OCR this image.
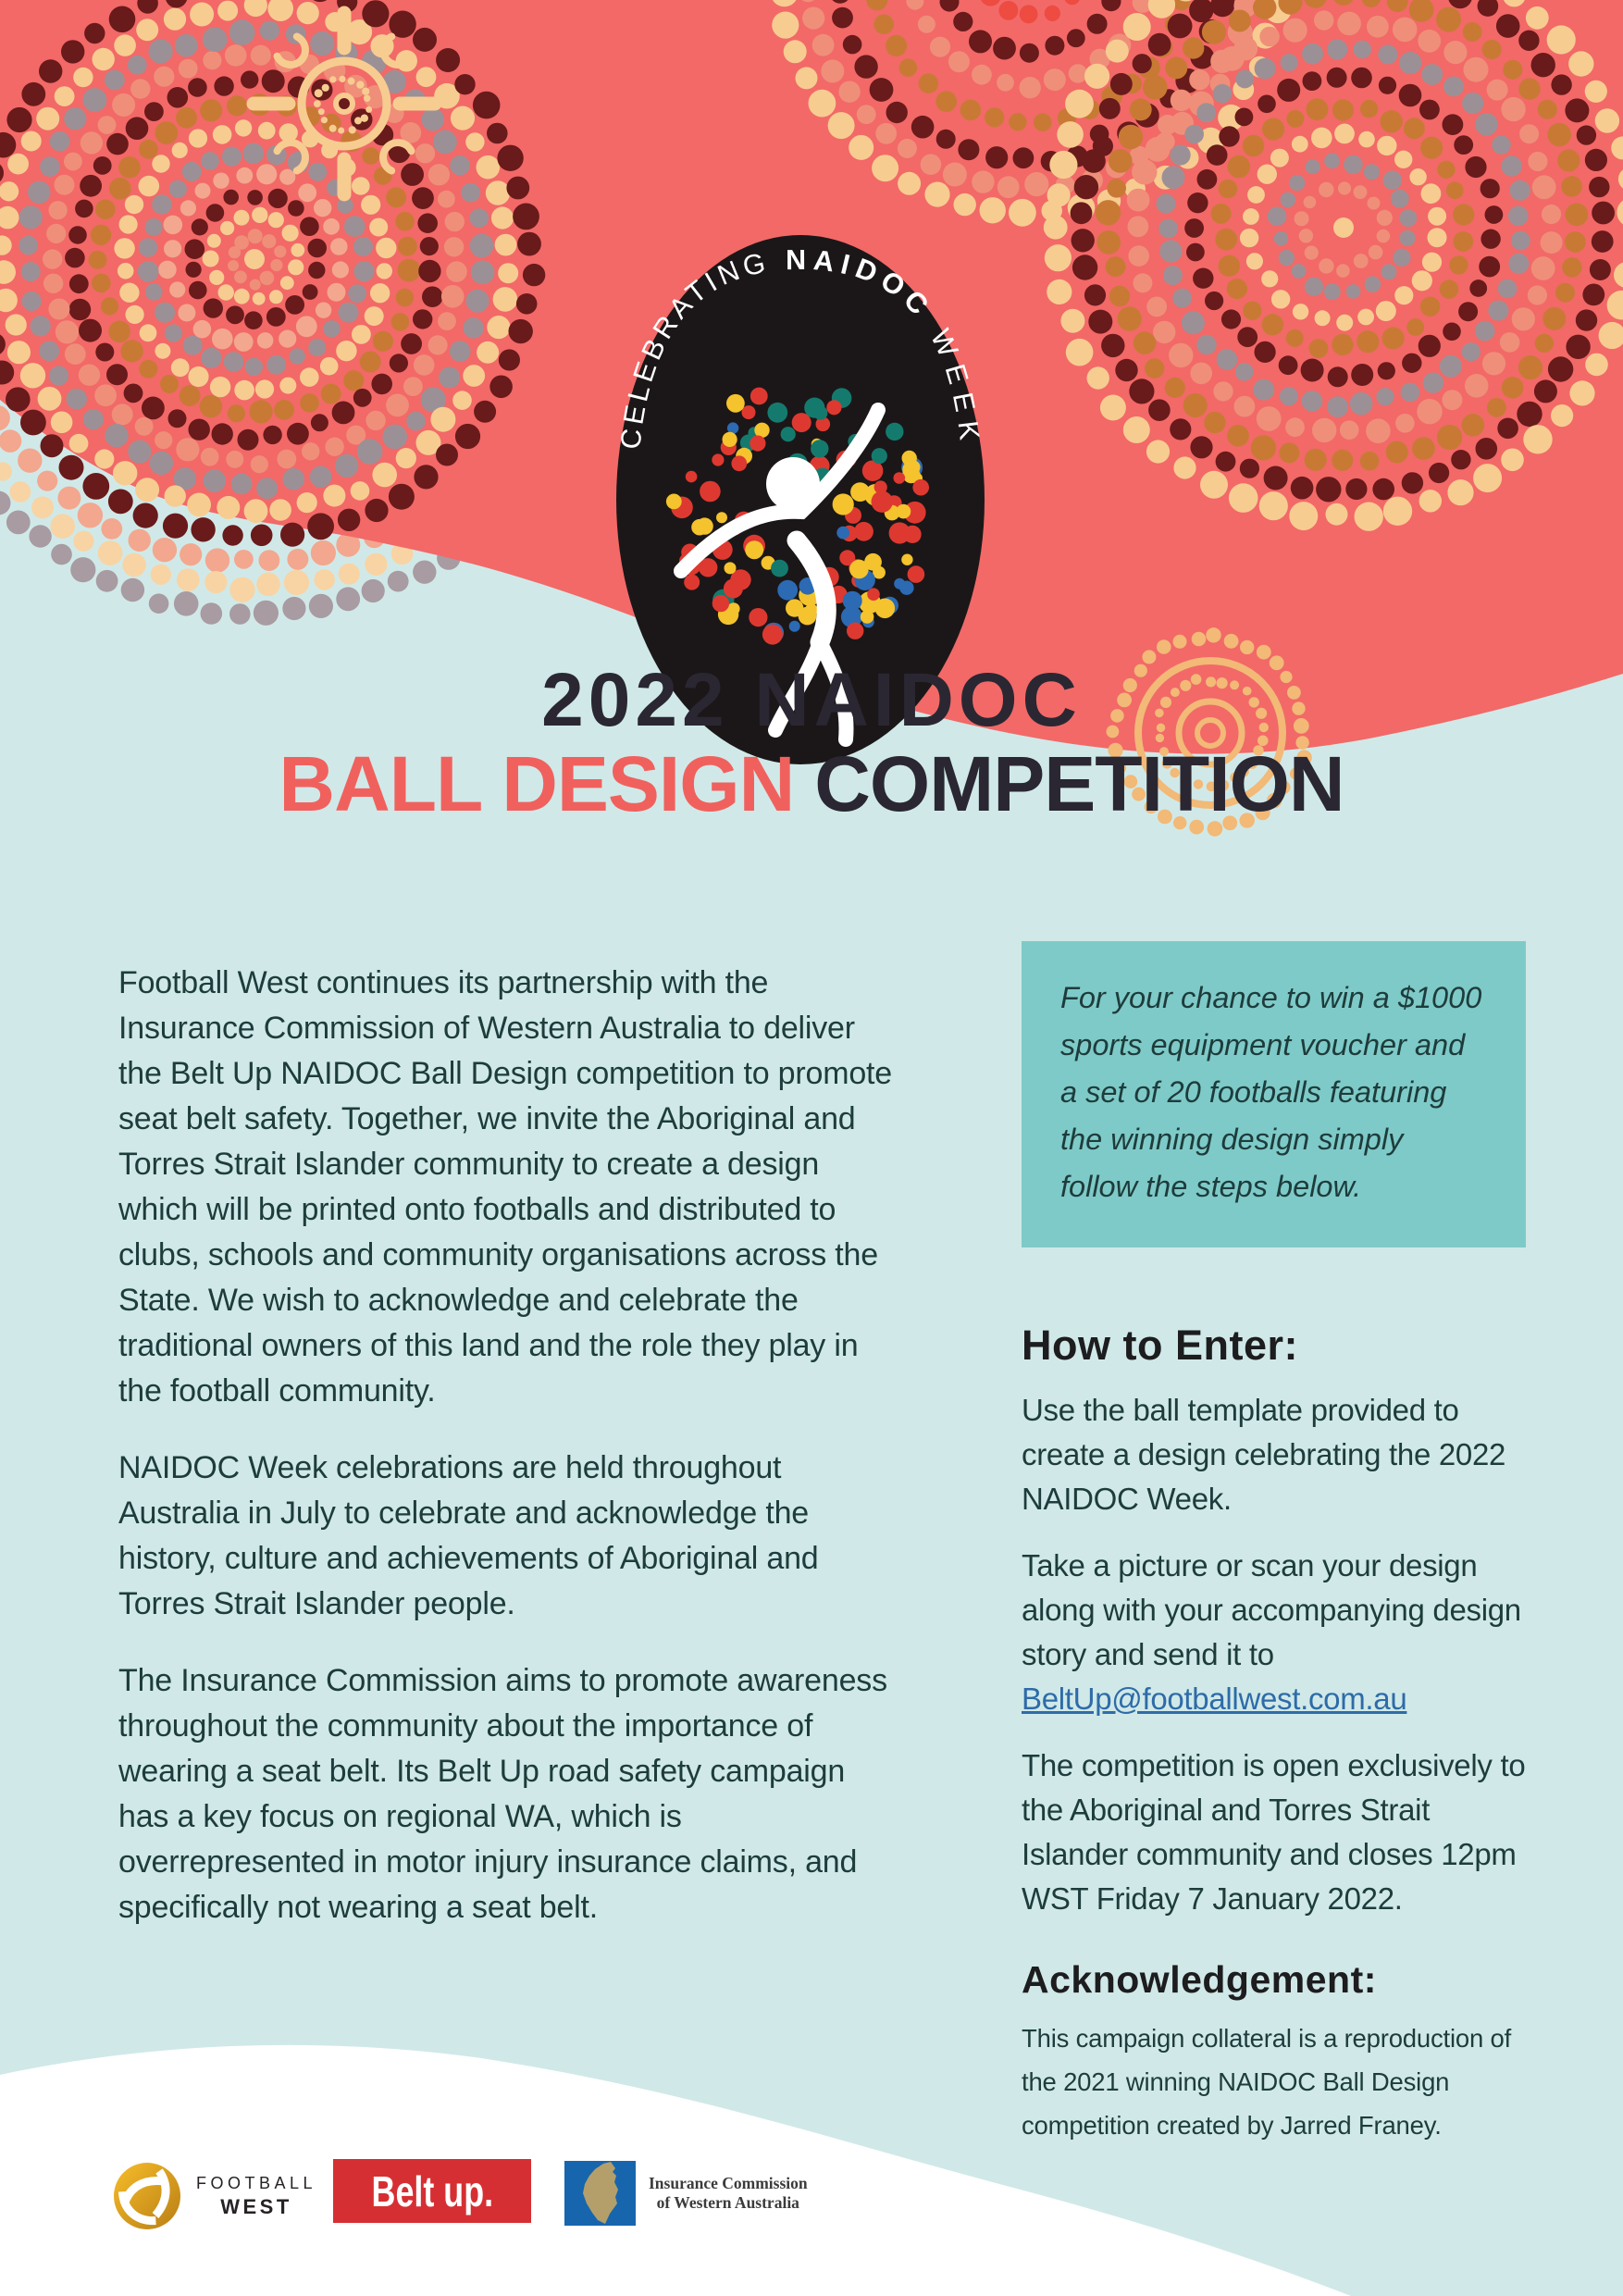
CELEBRATING NAIDOC WEEK
2022 NAIDOC
BALL DESIGN COMPETITION

Football West continues its partnership with the Insurance Commission of Western Australia to deliver the Belt Up NAIDOC Ball Design competition to promote seat belt safety. Together, we invite the Aboriginal and Torres Strait Islander community to create a design which will be printed onto footballs and distributed to clubs, schools and community organisations across the State. We wish to acknowledge and celebrate the traditional owners of this land and the role they play in the football community.

NAIDOC Week celebrations are held throughout Australia in July to celebrate and acknowledge the history, culture and achievements of Aboriginal and Torres Strait Islander people.

The Insurance Commission aims to promote awareness throughout the community about the importance of wearing a seat belt. Its Belt Up road safety campaign has a key focus on regional WA, which is overrepresented in motor injury insurance claims, and specifically not wearing a seat belt.

For your chance to win a $1000 sports equipment voucher and a set of 20 footballs featuring the winning design simply follow the steps below.
How to Enter:

Use the ball template provided to create a design celebrating the 2022 NAIDOC Week.

Take a picture or scan your design along with your accompanying design story and send it to BeltUp@footballwest.com.au

The competition is open exclusively to the Aboriginal and Torres Strait Islander community and closes 12pm WST Friday 7 January 2022.

Acknowledgement:

This campaign collateral is a reproduction of the 2021 winning NAIDOC Ball Design competition created by Jarred Franey.

FOOTBALL
WEST	Belt up.	Insurance Commission
of Western Australia
